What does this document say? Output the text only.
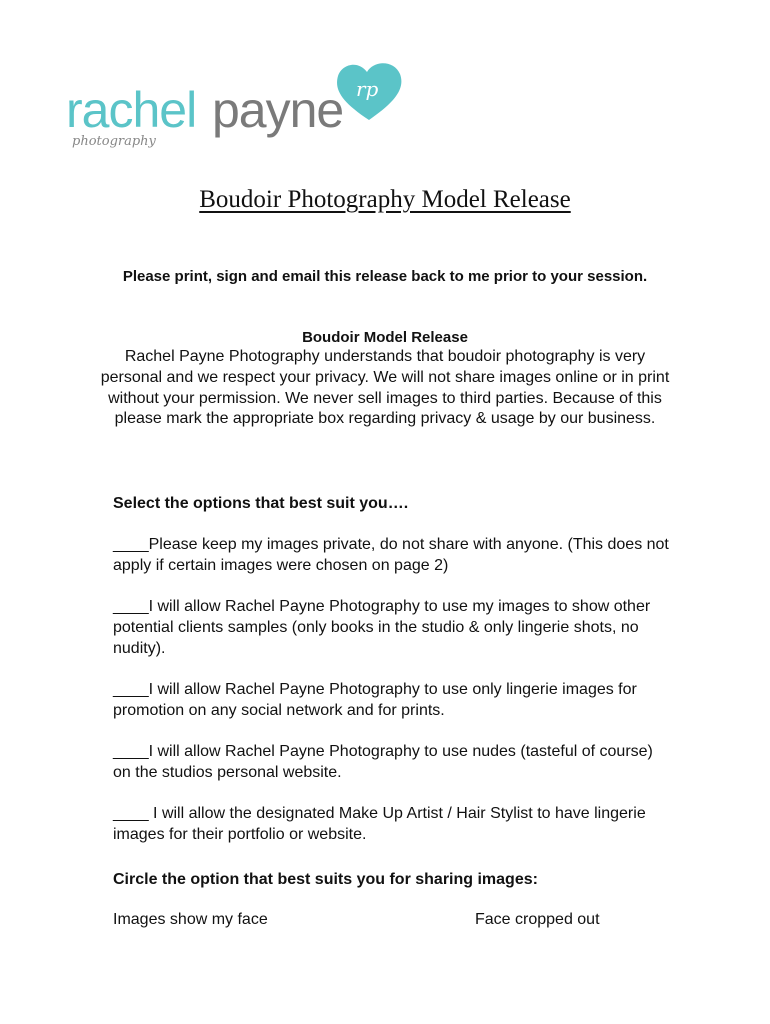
rachel payne
photography
rp
Boudoir Photography Model Release
Please print, sign and email this release back to me prior to your session.
Boudoir Model Release
Rachel Payne Photography understands that boudoir photography is very personal and we respect your privacy. We will not share images online or in print without your permission. We never sell images to third parties. Because of this please mark the appropriate box regarding privacy & usage by our business.
Select the options that best suit you….
____Please keep my images private, do not share with anyone. (This does not apply if certain images were chosen on page 2)
____I will allow Rachel Payne Photography to use my images to show other potential clients samples (only books in the studio & only lingerie shots, no nudity).
____I will allow Rachel Payne Photography to use only lingerie images for promotion on any social network and for prints.
____I will allow Rachel Payne Photography to use nudes (tasteful of course) on the studios personal website.
____ I will allow the designated Make Up Artist / Hair Stylist to have lingerie images for their portfolio or website.
Circle the option that best suits you for sharing images:
Images show my face	Face cropped out
